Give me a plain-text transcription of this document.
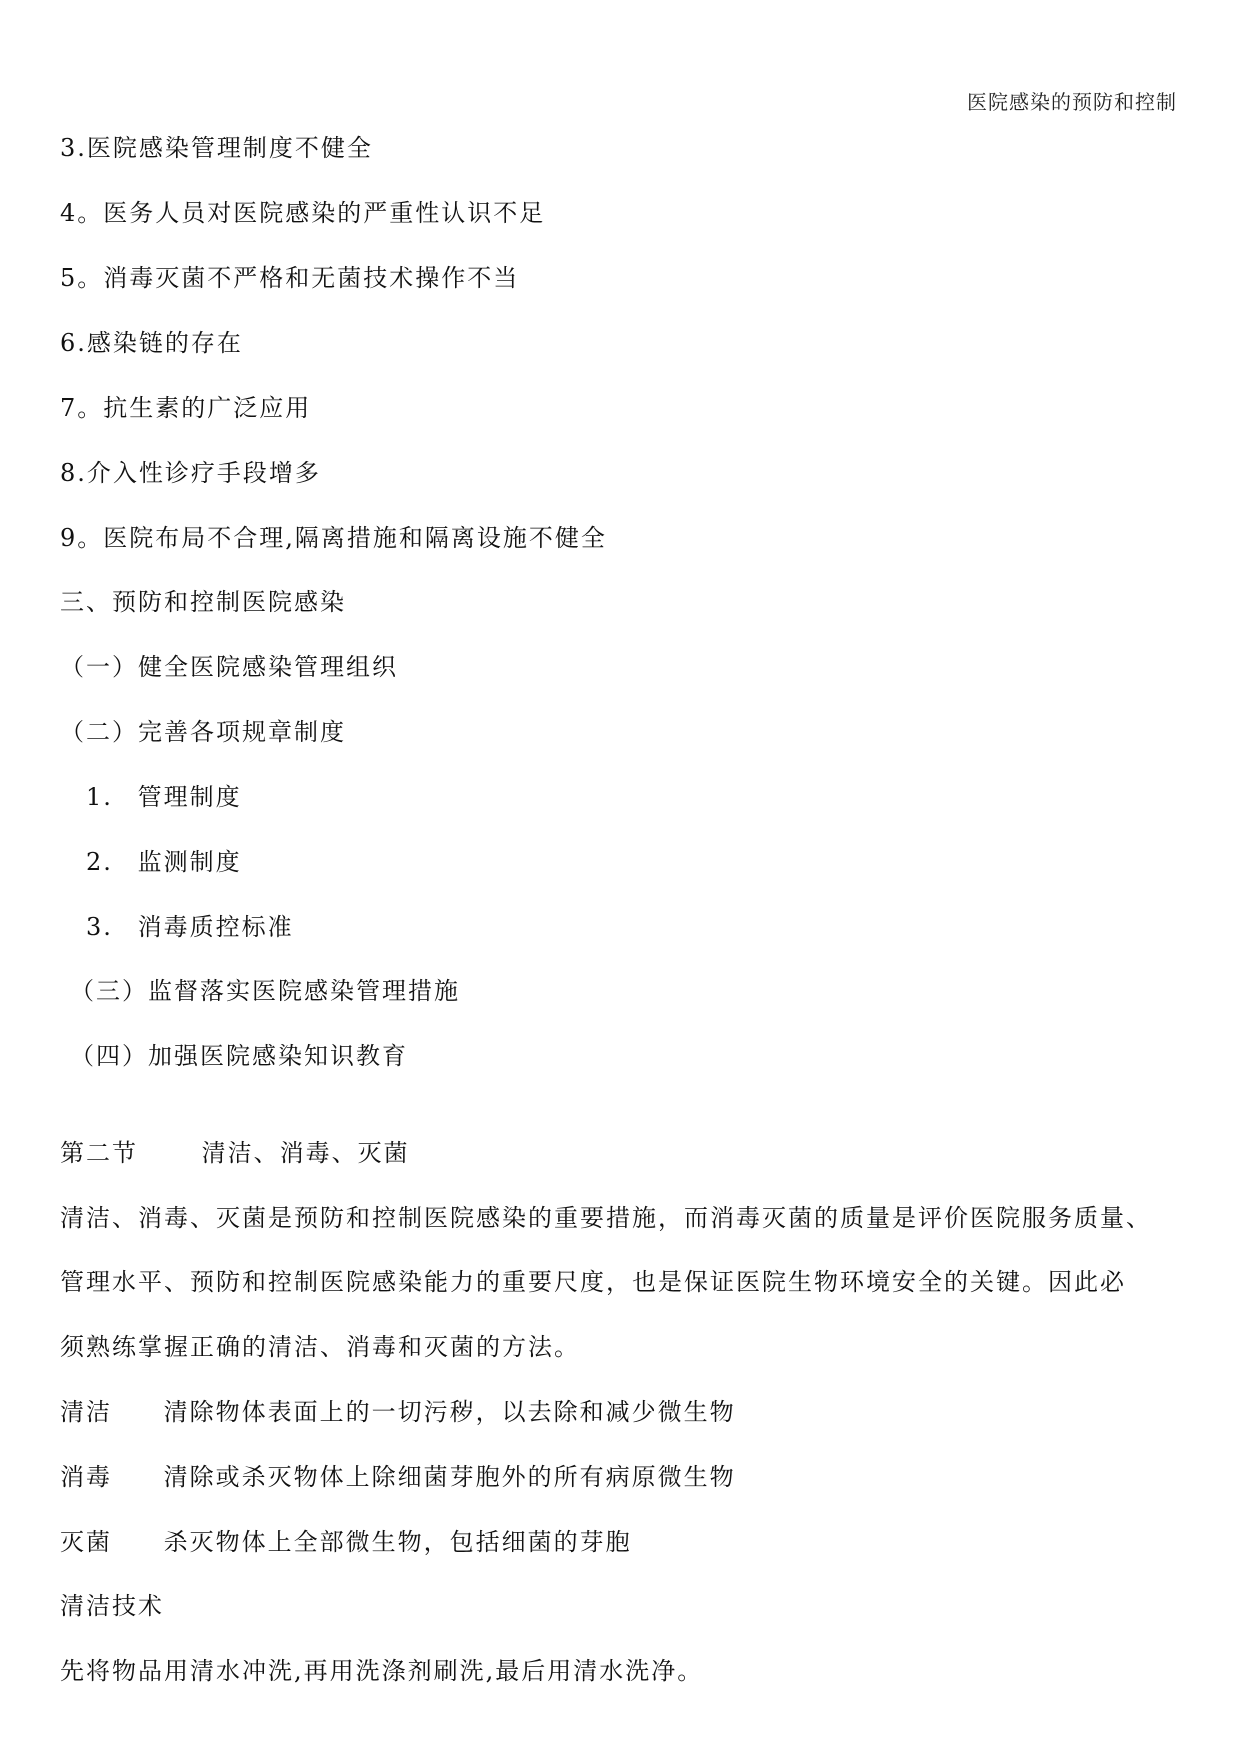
医院感染的预防和控制
3.医院感染管理制度不健全
4。医务人员对医院感染的严重性认识不足
5。消毒灭菌不严格和无菌技术操作不当
6.感染链的存在
7。抗生素的广泛应用
8.介入性诊疗手段增多
9。医院布局不合理,隔离措施和隔离设施不健全
三、预防和控制医院感染
（一）健全医院感染管理组织
（二）完善各项规章制度
1. 管理制度
2. 监测制度
3. 消毒质控标准
（三）监督落实医院感染管理措施
（四）加强医院感染知识教育
第二节	清洁、消毒、灭菌
清洁、消毒、灭菌是预防和控制医院感染的重要措施，而消毒灭菌的质量是评价医院服务质量、
管理水平、预防和控制医院感染能力的重要尺度，也是保证医院生物环境安全的关键。因此必
须熟练掌握正确的清洁、消毒和灭菌的方法。
清洁 清除物体表面上的一切污秽，以去除和减少微生物
消毒 清除或杀灭物体上除细菌芽胞外的所有病原微生物
灭菌 杀灭物体上全部微生物，包括细菌的芽胞
清洁技术
先将物品用清水冲洗,再用洗涤剂刷洗,最后用清水洗净。
